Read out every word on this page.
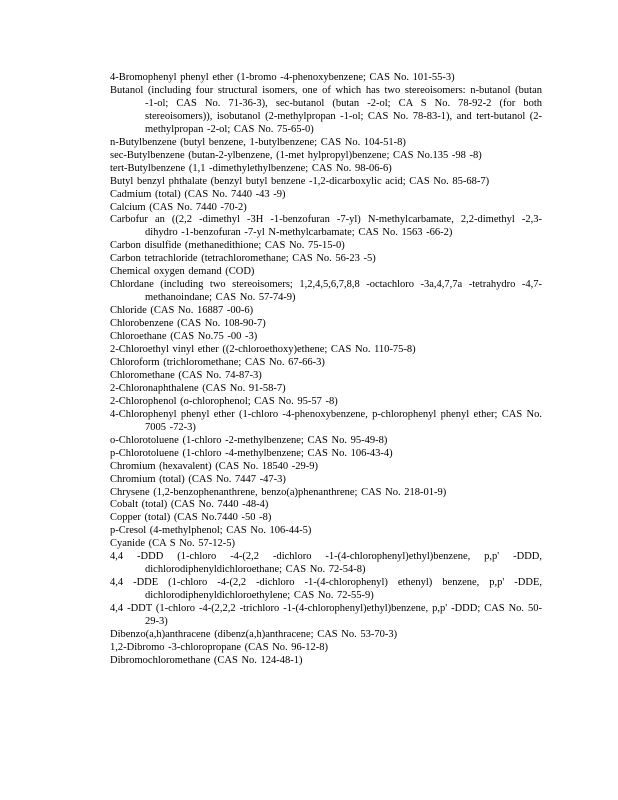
4-Bromophenyl phenyl ether (1-bromo -4-phenoxybenzene; CAS No. 101-55-3)
Butanol (including four structural isomers, one of which has two stereoisomers: n-butanol (butan -1-ol; CAS No. 71-36-3), sec-butanol (butan -2-ol; CA S No. 78-92-2 (for both stereoisomers)), isobutanol (2-methylpropan -1-ol; CAS No. 78-83-1), and tert-butanol (2-methylpropan -2-ol; CAS No. 75-65-0)
n-Butylbenzene (butyl benzene, 1-butylbenzene; CAS No. 104-51-8)
sec-Butylbenzene (butan-2-ylbenzene, (1-met hylpropyl)benzene; CAS No.135 -98 -8)
tert-Butylbenzene (1,1 -dimethylethylbenzene; CAS No. 98-06-6)
Butyl benzyl phthalate (benzyl butyl benzene -1,2-dicarboxylic acid; CAS No. 85-68-7)
Cadmium (total) (CAS No. 7440 -43 -9)
Calcium (CAS No. 7440 -70-2)
Carbofur an ((2,2 -dimethyl -3H -1-benzofuran -7-yl) N-methylcarbamate, 2,2-dimethyl -2,3-dihydro -1-benzofuran -7-yl N-methylcarbamate; CAS No. 1563 -66-2)
Carbon disulfide (methanedithione; CAS No. 75-15-0)
Carbon tetrachloride (tetrachloromethane; CAS No. 56-23 -5)
Chemical oxygen demand (COD)
Chlordane (including two stereoisomers; 1,2,4,5,6,7,8,8 -octachloro -3a,4,7,7a -tetrahydro -4,7-methanoindane; CAS No. 57-74-9)
Chloride (CAS No. 16887 -00-6)
Chlorobenzene (CAS No. 108-90-7)
Chloroethane (CAS No.75 -00 -3)
2-Chloroethyl vinyl ether ((2-chloroethoxy)ethene; CAS No. 110-75-8)
Chloroform (trichloromethane; CAS No. 67-66-3)
Chloromethane (CAS No. 74-87-3)
2-Chloronaphthalene (CAS No. 91-58-7)
2-Chlorophenol (o-chlorophenol; CAS No. 95-57 -8)
4-Chlorophenyl phenyl ether (1-chloro -4-phenoxybenzene, p-chlorophenyl phenyl ether; CAS No. 7005 -72-3)
o-Chlorotoluene (1-chloro -2-methylbenzene; CAS No. 95-49-8)
p-Chlorotoluene (1-chloro -4-methylbenzene; CAS No. 106-43-4)
Chromium (hexavalent) (CAS No. 18540 -29-9)
Chromium (total) (CAS No. 7447 -47-3)
Chrysene (1,2-benzophenanthrene, benzo(a)phenanthrene; CAS No. 218-01-9)
Cobalt (total) (CAS No. 7440 -48-4)
Copper (total) (CAS No.7440 -50 -8)
p-Cresol (4-methylphenol; CAS No. 106-44-5)
Cyanide (CA S No. 57-12-5)
4,4 -DDD (1-chloro -4-(2,2 -dichloro -1-(4-chlorophenyl)ethyl)benzene, p,p' -DDD, dichlorodiphenyldichloroethane; CAS No. 72-54-8)
4,4 -DDE (1-chloro -4-(2,2 -dichloro -1-(4-chlorophenyl) ethenyl) benzene, p,p' -DDE, dichlorodiphenyldichloroethylene; CAS No. 72-55-9)
4,4 -DDT (1-chloro -4-(2,2,2 -trichloro -1-(4-chlorophenyl)ethyl)benzene, p,p' -DDD; CAS No. 50-29-3)
Dibenzo(a,h)anthracene (dibenz(a,h)anthracene; CAS No. 53-70-3)
1,2-Dibromo -3-chloropropane (CAS No. 96-12-8)
Dibromochloromethane (CAS No. 124-48-1)
